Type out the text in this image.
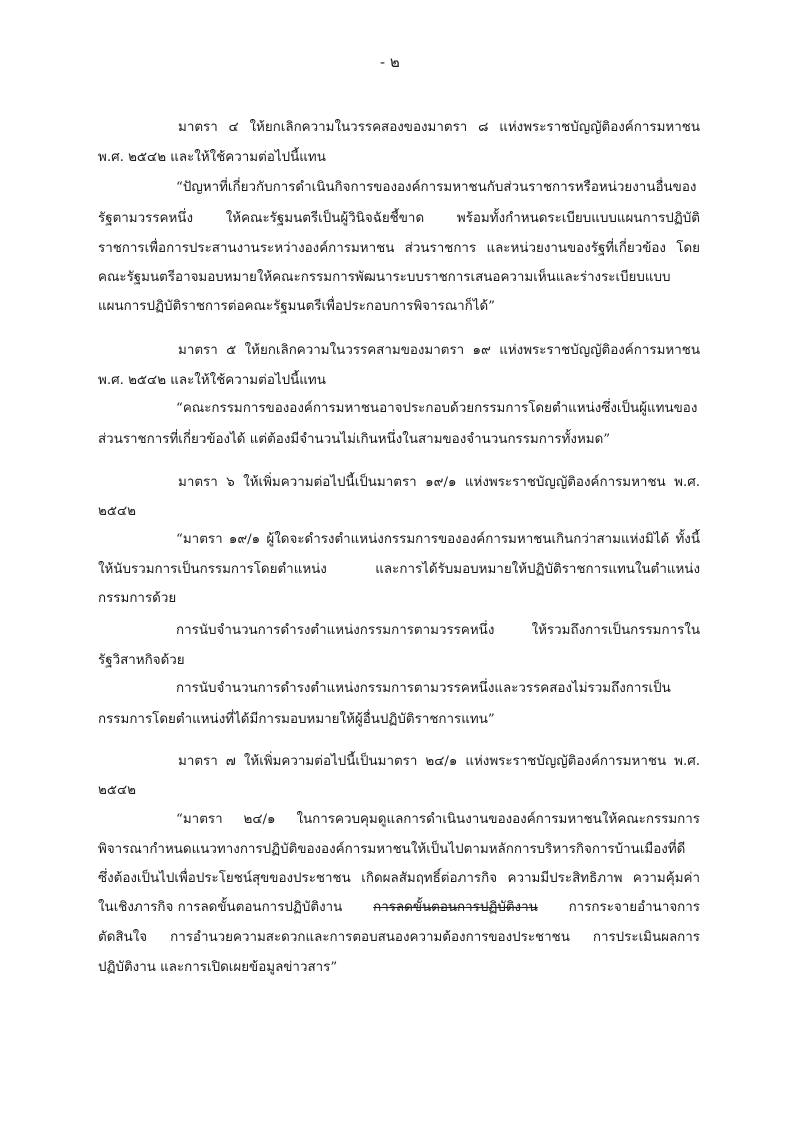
- ๒
มาตรา ๔ ให้ยกเลิกความในวรรคสองของมาตรา ๘ แห่งพระราชบัญญัติองค์การมหาชน
พ.ศ. ๒๕๔๒ และให้ใช้ความต่อไปนี้แทน
“ปัญหาที่เกี่ยวกับการดำเนินกิจการขององค์การมหาชนกับส่วนราชการหรือหน่วยงานอื่นของ
รัฐตามวรรคหนึ่ง ให้คณะรัฐมนตรีเป็นผู้วินิจฉัยชี้ขาด พร้อมทั้งกำหนดระเบียบแบบแผนการปฏิบัติ
ราชการเพื่อการประสานงานระหว่างองค์การมหาชน ส่วนราชการ และหน่วยงานของรัฐที่เกี่ยวข้อง โดย
คณะรัฐมนตรีอาจมอบหมายให้คณะกรรมการพัฒนาระบบราชการเสนอความเห็นและร่างระเบียบแบบ
แผนการปฏิบัติราชการต่อคณะรัฐมนตรีเพื่อประกอบการพิจารณาก็ได้”
มาตรา ๕ ให้ยกเลิกความในวรรคสามของมาตรา ๑๙ แห่งพระราชบัญญัติองค์การมหาชน
พ.ศ. ๒๕๔๒ และให้ใช้ความต่อไปนี้แทน
“คณะกรรมการขององค์การมหาชนอาจประกอบด้วยกรรมการโดยตำแหน่งซึ่งเป็นผู้แทนของ
ส่วนราชการที่เกี่ยวข้องได้ แต่ต้องมีจำนวนไม่เกินหนึ่งในสามของจำนวนกรรมการทั้งหมด”
มาตรา ๖ ให้เพิ่มความต่อไปนี้เป็นมาตรา ๑๙/๑ แห่งพระราชบัญญัติองค์การมหาชน พ.ศ.
๒๕๔๒
“มาตรา ๑๙/๑ ผู้ใดจะดำรงตำแหน่งกรรมการขององค์การมหาชนเกินกว่าสามแห่งมิได้ ทั้งนี้
ให้นับรวมการเป็นกรรมการโดยตำแหน่ง และการได้รับมอบหมายให้ปฏิบัติราชการแทนในตำแหน่ง
กรรมการด้วย
การนับจำนวนการดำรงตำแหน่งกรรมการตามวรรคหนึ่ง ให้รวมถึงการเป็นกรรมการใน
รัฐวิสาหกิจด้วย
การนับจำนวนการดำรงตำแหน่งกรรมการตามวรรคหนึ่งและวรรคสองไม่รวมถึงการเป็น
กรรมการโดยตำแหน่งที่ได้มีการมอบหมายให้ผู้อื่นปฏิบัติราชการแทน”
มาตรา ๗ ให้เพิ่มความต่อไปนี้เป็นมาตรา ๒๔/๑ แห่งพระราชบัญญัติองค์การมหาชน พ.ศ.
๒๕๔๒
“มาตรา ๒๔/๑ ในการควบคุมดูแลการดำเนินงานขององค์การมหาชนให้คณะกรรมการ
พิจารณากำหนดแนวทางการปฏิบัติขององค์การมหาชนให้เป็นไปตามหลักการบริหารกิจการบ้านเมืองที่ดี
ซึ่งต้องเป็นไปเพื่อประโยชน์สุขของประชาชน เกิดผลสัมฤทธิ์ต่อภารกิจ ความมีประสิทธิภาพ ความคุ้มค่า
ในเชิงภารกิจ การลดขั้นตอนการปฏิบัติงาน การลดขั้นตอนการปฏิบัติงาน การกระจายอำนาจการ
ตัดสินใจ การอำนวยความสะดวกและการตอบสนองความต้องการของประชาชน การประเมินผลการ
ปฏิบัติงาน และการเปิดเผยข้อมูลข่าวสาร”
